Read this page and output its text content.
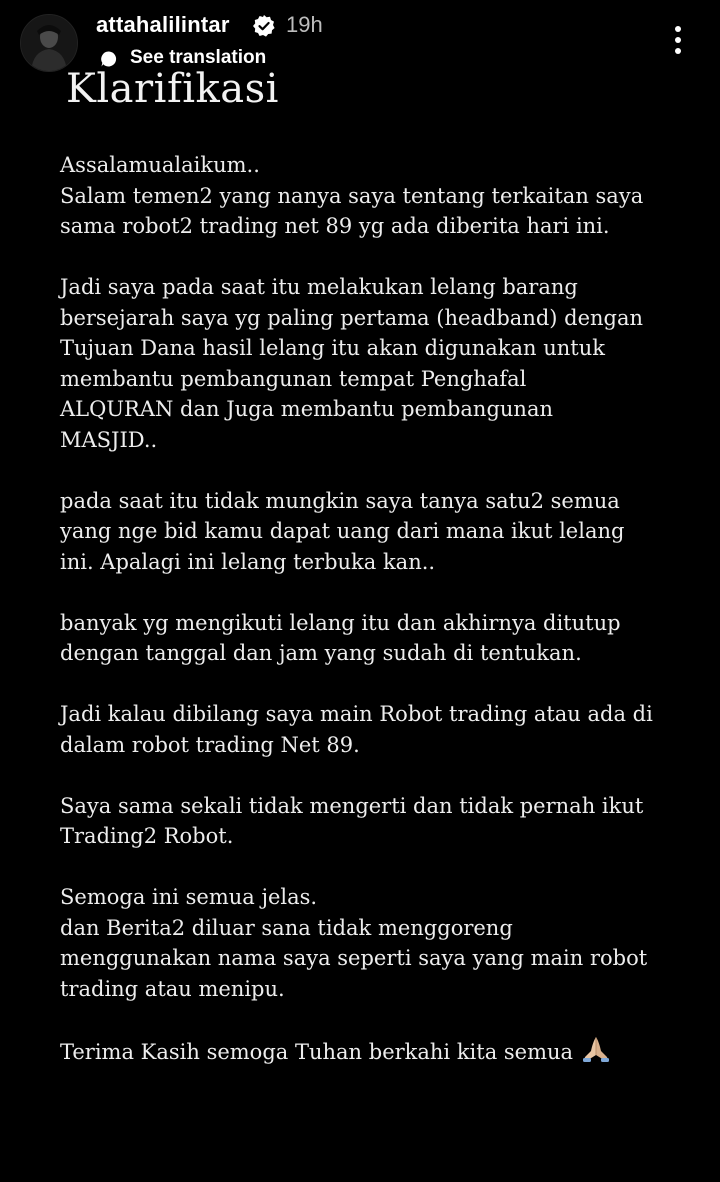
attahalilintar	19h
See translation
Klarifikasi
Assalamualaikum..
Salam temen2 yang nanya saya tentang terkaitan saya
sama robot2 trading net 89 yg ada diberita hari ini.
Jadi saya pada saat itu melakukan lelang barang
bersejarah saya yg paling pertama (headband) dengan
Tujuan Dana hasil lelang itu akan digunakan untuk
membantu pembangunan tempat Penghafal
ALQURAN dan Juga membantu pembangunan
MASJID..
pada saat itu tidak mungkin saya tanya satu2 semua
yang nge bid kamu dapat uang dari mana ikut lelang
ini. Apalagi ini lelang terbuka kan..
banyak yg mengikuti lelang itu dan akhirnya ditutup
dengan tanggal dan jam yang sudah di tentukan.
Jadi kalau dibilang saya main Robot trading atau ada di
dalam robot trading Net 89.
Saya sama sekali tidak mengerti dan tidak pernah ikut
Trading2 Robot.
Semoga ini semua jelas.
dan Berita2 diluar sana tidak menggoreng
menggunakan nama saya seperti saya yang main robot
trading atau menipu.
Terima Kasih semoga Tuhan berkahi kita semua
